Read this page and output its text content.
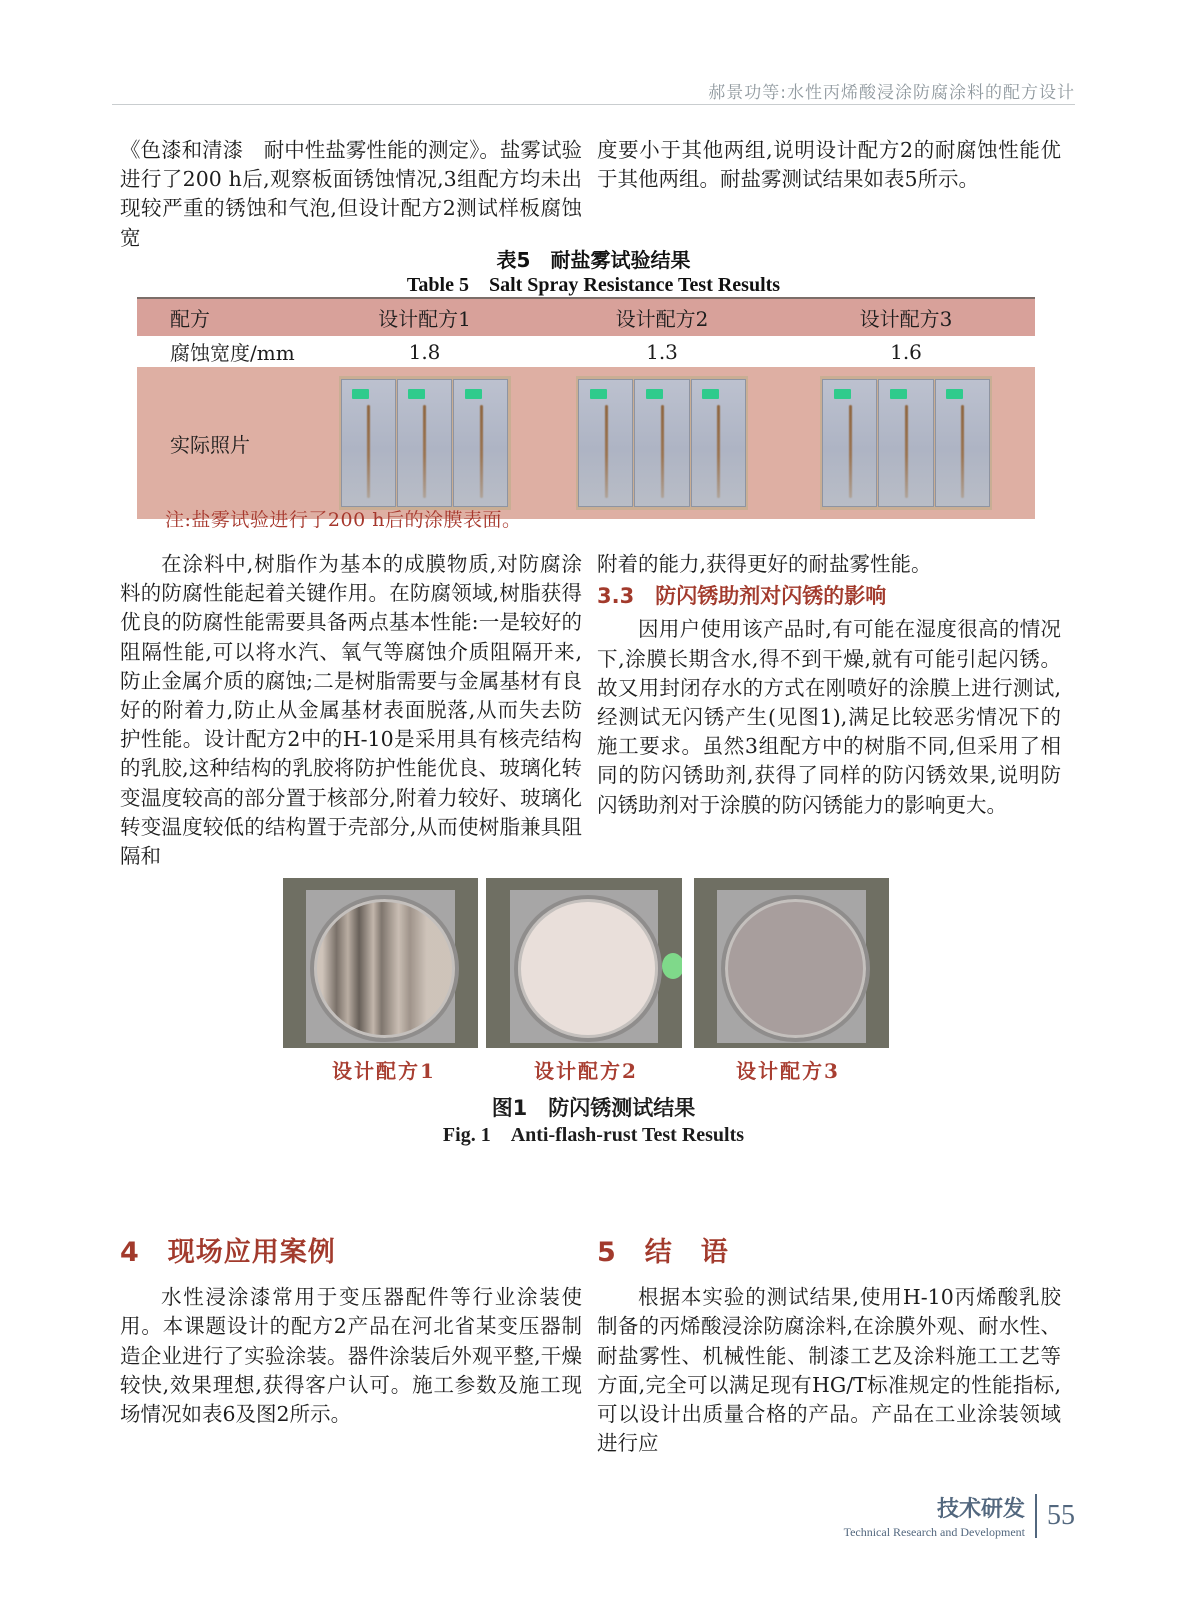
郝景功等:水性丙烯酸浸涂防腐涂料的配方设计

《色漆和清漆　耐中性盐雾性能的测定》。盐雾试验进行了200 h后,观察板面锈蚀情况,3组配方均未出现较严重的锈蚀和气泡,但设计配方2测试样板腐蚀宽

度要小于其他两组,说明设计配方2的耐腐蚀性能优于其他两组。耐盐雾测试结果如表5所示。

表5　耐盐雾试验结果
Table 5　Salt Spray Resistance Test Results
配方	设计配方1	设计配方2	设计配方3
腐蚀宽度/mm	1.8	1.3	1.6
实际照片
注:盐雾试验进行了200 h后的涂膜表面。

在涂料中,树脂作为基本的成膜物质,对防腐涂料的防腐性能起着关键作用。在防腐领域,树脂获得优良的防腐性能需要具备两点基本性能:一是较好的阻隔性能,可以将水汽、氧气等腐蚀介质阻隔开来,防止金属介质的腐蚀;二是树脂需要与金属基材有良好的附着力,防止从金属基材表面脱落,从而失去防护性能。设计配方2中的H-10是采用具有核壳结构的乳胶,这种结构的乳胶将防护性能优良、玻璃化转变温度较高的部分置于核部分,附着力较好、玻璃化转变温度较低的结构置于壳部分,从而使树脂兼具阻隔和

附着的能力,获得更好的耐盐雾性能。

3.3　防闪锈助剂对闪锈的影响

因用户使用该产品时,有可能在湿度很高的情况下,涂膜长期含水,得不到干燥,就有可能引起闪锈。故又用封闭存水的方式在刚喷好的涂膜上进行测试,经测试无闪锈产生(见图1),满足比较恶劣情况下的施工要求。虽然3组配方中的树脂不同,但采用了相同的防闪锈助剂,获得了同样的防闪锈效果,说明防闪锈助剂对于涂膜的防闪锈能力的影响更大。

设计配方1	设计配方2	设计配方3
图1　防闪锈测试结果
Fig. 1　Anti-flash-rust Test Results

4　现场应用案例

水性浸涂漆常用于变压器配件等行业涂装使用。本课题设计的配方2产品在河北省某变压器制造企业进行了实验涂装。器件涂装后外观平整,干燥较快,效果理想,获得客户认可。施工参数及施工现场情况如表6及图2所示。

5　结　语

根据本实验的测试结果,使用H-10丙烯酸乳胶制备的丙烯酸浸涂防腐涂料,在涂膜外观、耐水性、耐盐雾性、机械性能、制漆工艺及涂料施工工艺等方面,完全可以满足现有HG/T标准规定的性能指标,可以设计出质量合格的产品。产品在工业涂装领域进行应

技术研发
Technical Research and Development
55
